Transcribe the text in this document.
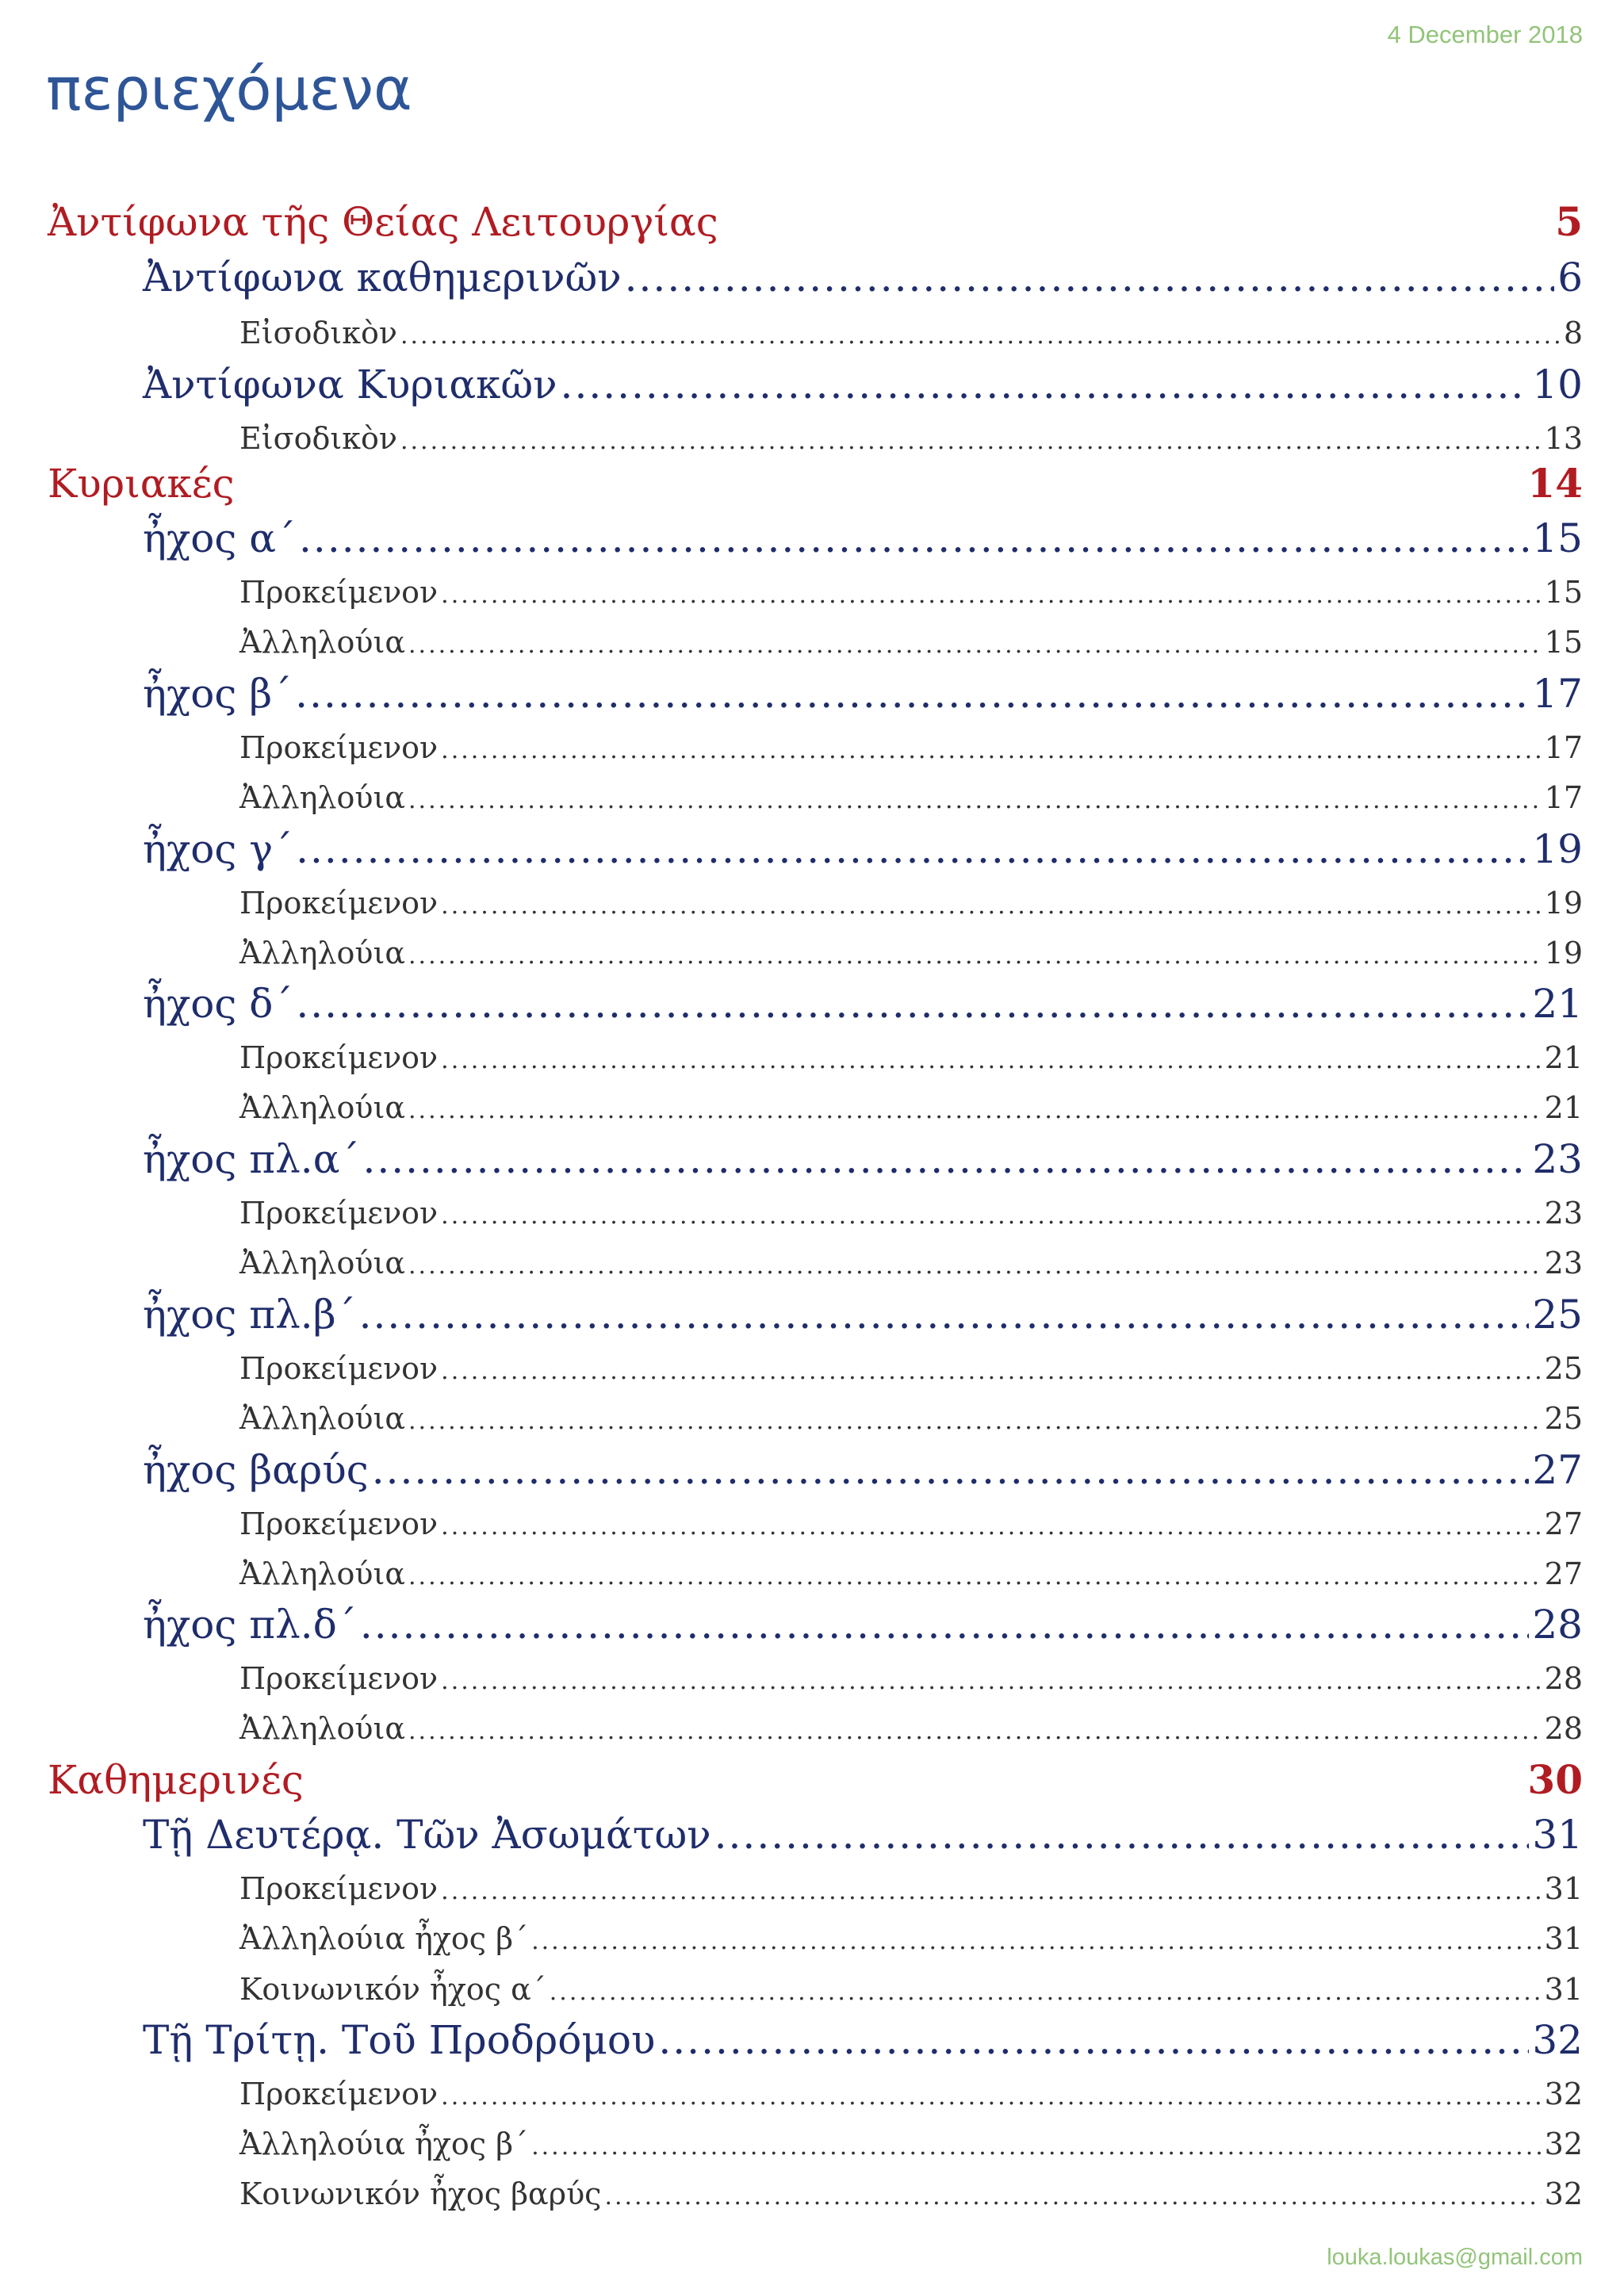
4 December 2018
περιεχόμενα
Ἀντίφωνα τῆς Θείας Λειτουργίας	5
Ἀντίφωνα καθημερινῶν .....	6
Εἰσοδικὸν .....	8
Ἀντίφωνα Κυριακῶν .....	10
Εἰσοδικὸν .....	13
Κυριακές	14
ἦχος α΄ .....	15
Προκείμενον .....	15
Ἀλληλούια .....	15
ἦχος β΄ .....	17
Προκείμενον .....	17
Ἀλληλούια .....	17
ἦχος γ΄ .....	19
Προκείμενον .....	19
Ἀλληλούια .....	19
ἦχος δ΄ .....	21
Προκείμενον .....	21
Ἀλληλούια .....	21
ἦχος πλ.α΄ .....	23
Προκείμενον .....	23
Ἀλληλούια .....	23
ἦχος πλ.β΄ .....	25
Προκείμενον .....	25
Ἀλληλούια .....	25
ἦχος βαρύς .....	27
Προκείμενον .....	27
Ἀλληλούια .....	27
ἦχος πλ.δ΄ .....	28
Προκείμενον .....	28
Ἀλληλούια .....	28
Καθημερινές	30
Τῇ Δευτέρᾳ. Τῶν Ἀσωμάτων .....	31
Προκείμενον .....	31
Ἀλληλούια ἦχος β΄ .....	31
Κοινωνικόν ἦχος α΄ .....	31
Τῇ Τρίτῃ. Τοῦ Προδρόμου .....	32
Προκείμενον .....	32
Ἀλληλούια ἦχος β΄ .....	32
Κοινωνικόν ἦχος βαρύς .....	32
louka.loukas@gmail.com
